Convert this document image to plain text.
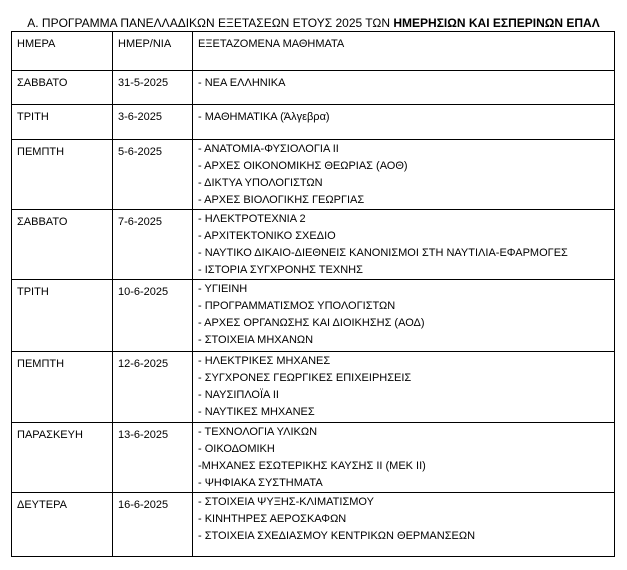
Α. ΠΡΟΓΡΑΜΜΑ ΠΑΝΕΛΛΑΔΙΚΩΝ ΕΞΕΤΑΣΕΩΝ ΕΤΟΥΣ 2025 ΤΩΝ ΗΜΕΡΗΣΙΩΝ ΚΑΙ ΕΣΠΕΡΙΝΩΝ ΕΠΑΛ
ΗΜΕΡΑ	ΗΜΕΡ/ΝΙΑ	ΕΞΕΤΑΖΟΜΕΝΑ ΜΑΘΗΜΑΤΑ
ΣΑΒΒΑΤΟ	31-5-2025	- ΝΕΑ ΕΛΛΗΝΙΚΑ

ΤΡΙΤΗ	3-6-2025	- ΜΑΘΗΜΑΤΙΚΑ (Άλγεβρα)

ΠΕΜΠΤΗ	5-6-2025	- ΑΝΑΤΟΜΙΑ-ΦΥΣΙΟΛΟΓΙΑ ΙΙ
- ΑΡΧΕΣ ΟΙΚΟΝΟΜΙΚΗΣ ΘΕΩΡΙΑΣ (ΑΟΘ)
- ΔΙΚΤΥΑ ΥΠΟΛΟΓΙΣΤΩΝ
- ΑΡΧΕΣ ΒΙΟΛΟΓΙΚΗΣ ΓΕΩΡΓΙΑΣ

ΣΑΒΒΑΤΟ	7-6-2025	- ΗΛΕΚΤΡΟΤΕΧΝΙΑ 2
- ΑΡΧΙΤΕΚΤΟΝΙΚΟ ΣΧΕΔΙΟ
- ΝΑΥΤΙΚΟ ΔΙΚΑΙΟ-ΔΙΕΘΝΕΙΣ ΚΑΝΟΝΙΣΜΟΙ ΣΤΗ ΝΑΥΤΙΛΙΑ-ΕΦΑΡΜΟΓΕΣ
- ΙΣΤΟΡΙΑ ΣΥΓΧΡΟΝΗΣ ΤΕΧΝΗΣ

ΤΡΙΤΗ	10-6-2025	- ΥΓΙΕΙΝΗ
- ΠΡΟΓΡΑΜΜΑΤΙΣΜΟΣ ΥΠΟΛΟΓΙΣΤΩΝ
- ΑΡΧΕΣ ΟΡΓΑΝΩΣΗΣ ΚΑΙ ΔΙΟΙΚΗΣΗΣ (ΑΟΔ)
- ΣΤΟΙΧΕΙΑ ΜΗΧΑΝΩΝ

ΠΕΜΠΤΗ	12-6-2025	- ΗΛΕΚΤΡΙΚΕΣ ΜΗΧΑΝΕΣ
- ΣΥΓΧΡΟΝΕΣ ΓΕΩΡΓΙΚΕΣ ΕΠΙΧΕΙΡΗΣΕΙΣ
- ΝΑΥΣΙΠΛΟΪΑ ΙΙ
- ΝΑΥΤΙΚΕΣ ΜΗΧΑΝΕΣ

ΠΑΡΑΣΚΕΥΗ	13-6-2025	- ΤΕΧΝΟΛΟΓΙΑ ΥΛΙΚΩΝ
- ΟΙΚΟΔΟΜΙΚΗ
-ΜΗΧΑΝΕΣ ΕΣΩΤΕΡΙΚΗΣ ΚΑΥΣΗΣ ΙΙ (ΜΕΚ ΙΙ)
- ΨΗΦΙΑΚΑ ΣΥΣΤΗΜΑΤΑ

ΔΕΥΤΕΡΑ	16-6-2025	- ΣΤΟΙΧΕΙΑ ΨΥΞΗΣ-ΚΛΙΜΑΤΙΣΜΟΥ
- ΚΙΝΗΤΗΡΕΣ ΑΕΡΟΣΚΑΦΩΝ
- ΣΤΟΙΧΕΙΑ ΣΧΕΔΙΑΣΜΟΥ ΚΕΝΤΡΙΚΩΝ ΘΕΡΜΑΝΣΕΩΝ
